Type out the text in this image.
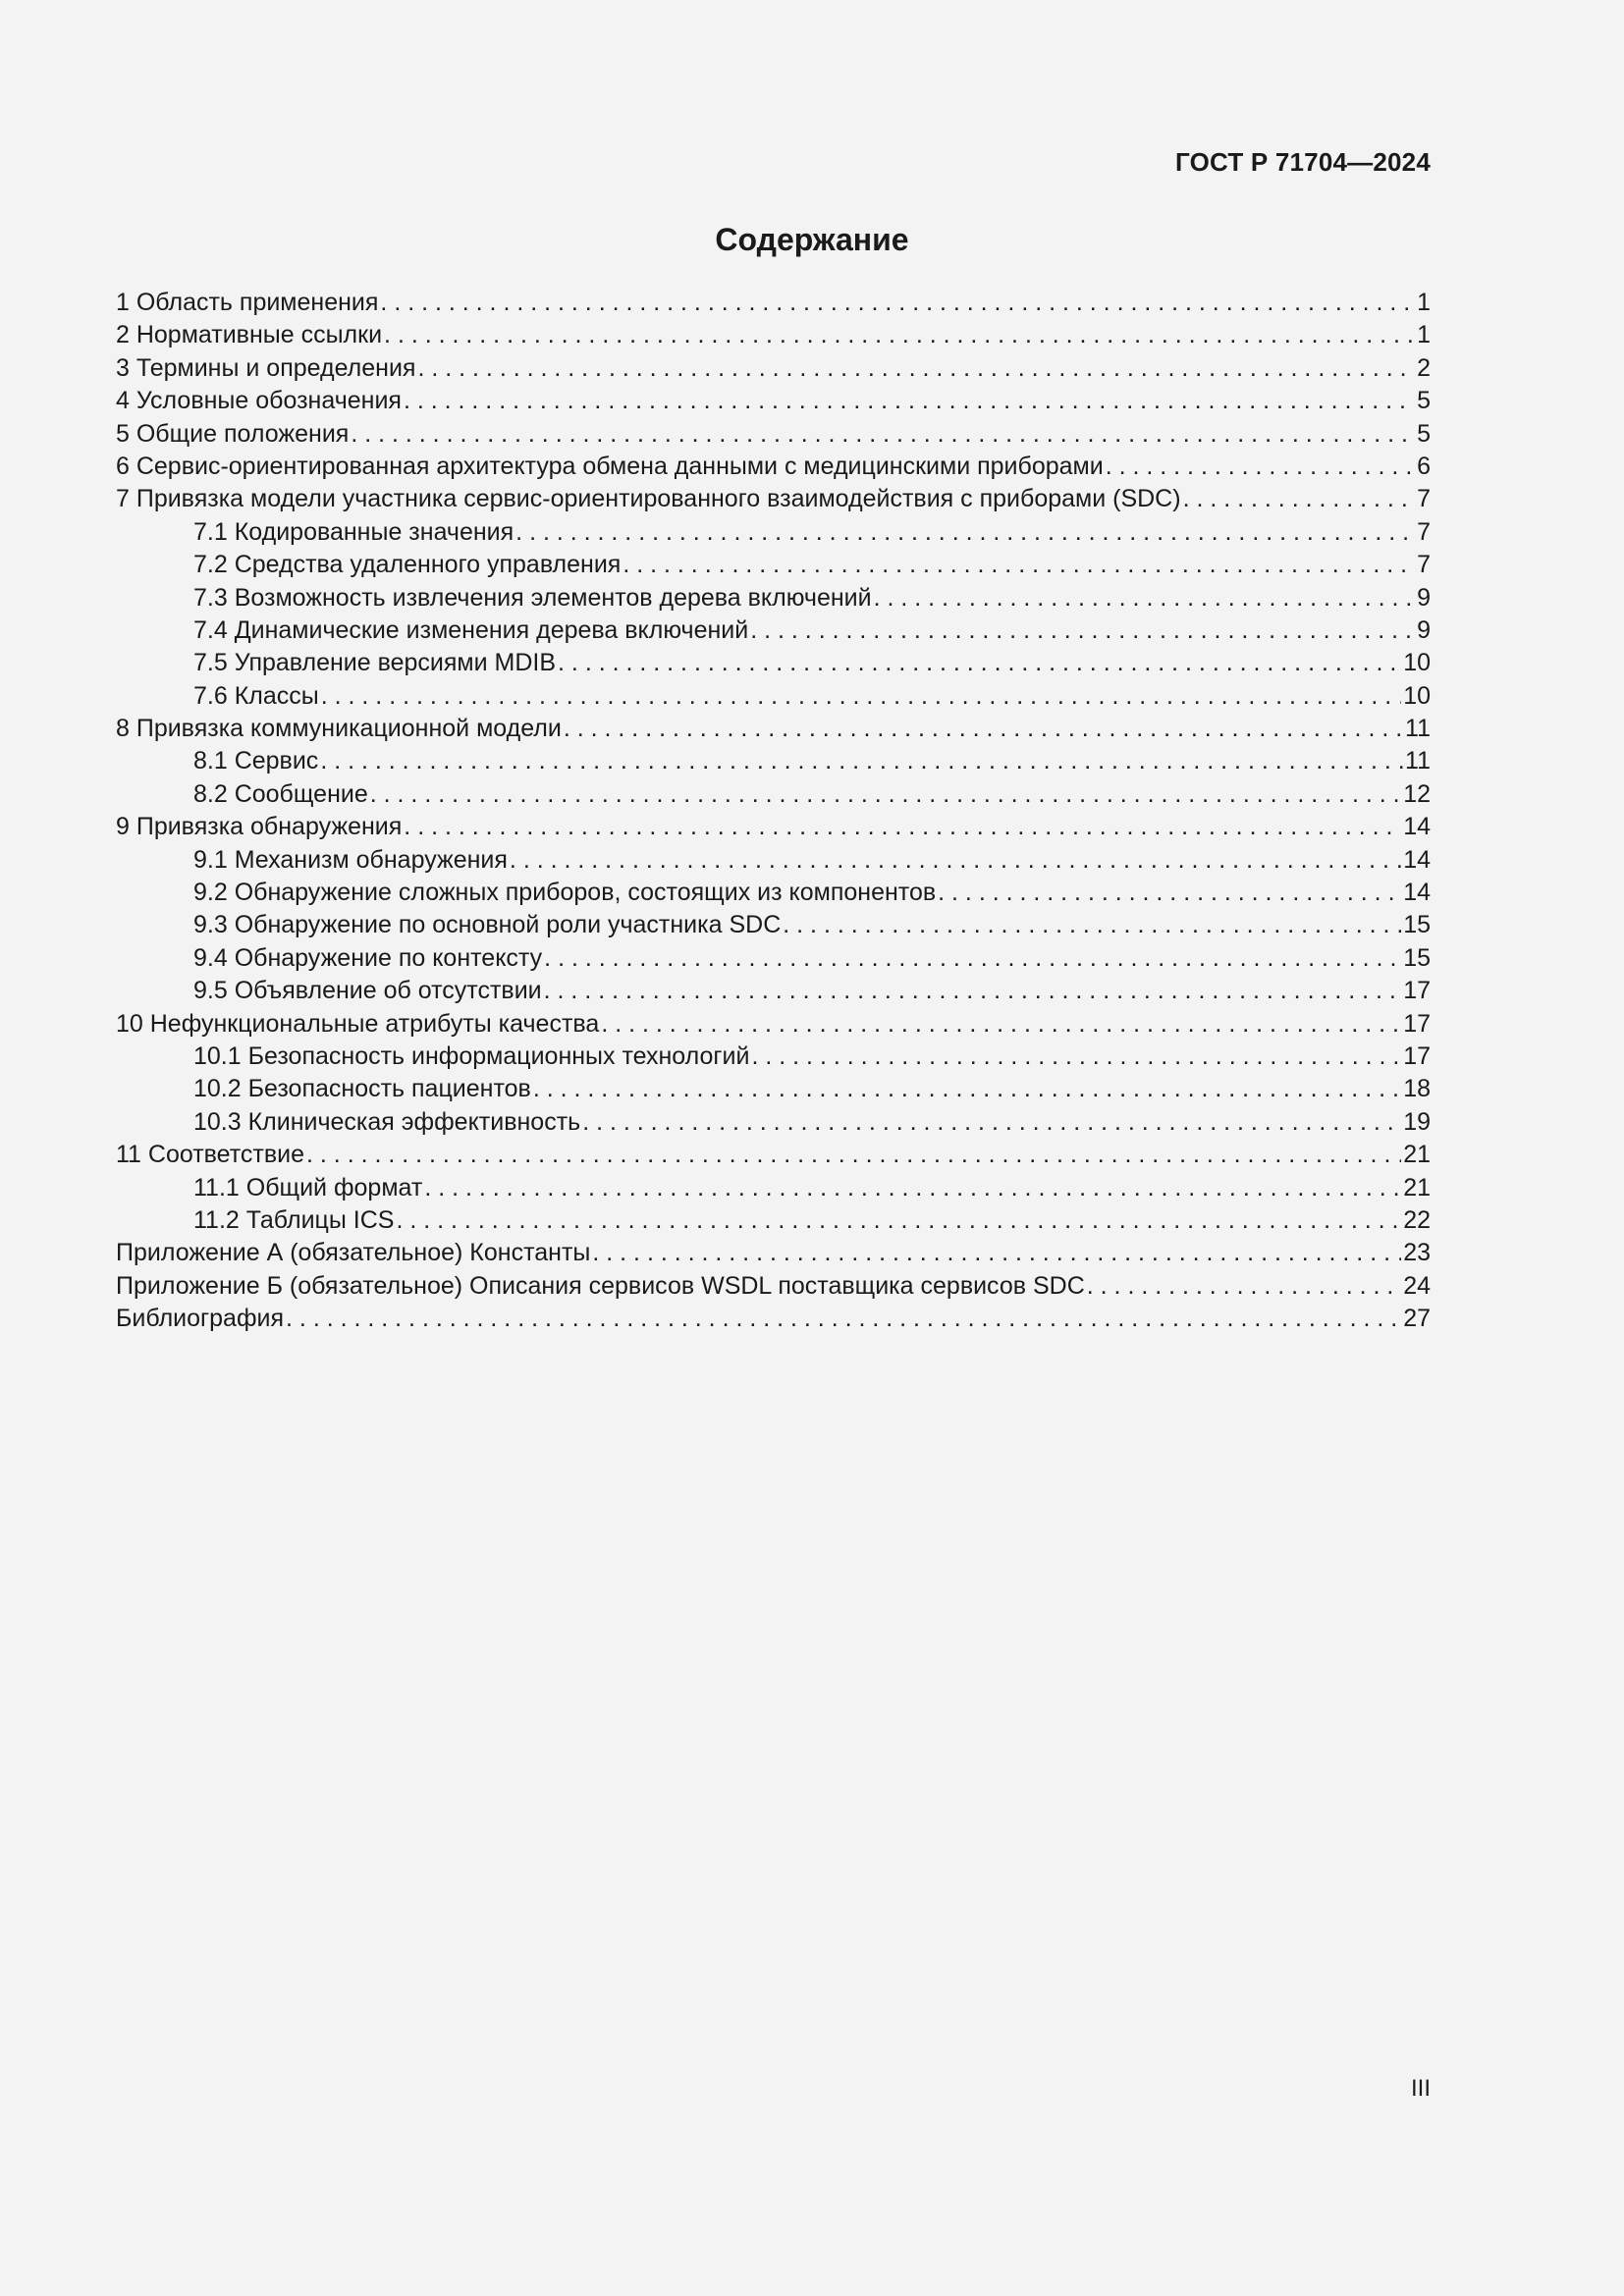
ГОСТ Р 71704—2024
Содержание
1 Область применения . . .	1
2 Нормативные ссылки . . .	1
3 Термины и определения . . .	2
4 Условные обозначения . . .	5
5 Общие положения . . .	5
6 Сервис-ориентированная архитектура обмена данными с медицинскими приборами . . .	6
7 Привязка модели участника сервис-ориентированного взаимодействия с приборами (SDC) . . .	7
7.1 Кодированные значения . . .	7
7.2 Средства удаленного управления . . .	7
7.3 Возможность извлечения элементов дерева включений . . .	9
7.4 Динамические изменения дерева включений . . .	9
7.5 Управление версиями MDIB . . .	10
7.6 Классы . . .	10
8 Привязка коммуникационной модели . . .	11
8.1 Сервис . . .	11
8.2 Сообщение . . .	12
9 Привязка обнаружения . . .	14
9.1 Механизм обнаружения . . .	14
9.2 Обнаружение сложных приборов, состоящих из компонентов . . .	14
9.3 Обнаружение по основной роли участника SDC . . .	15
9.4 Обнаружение по контексту . . .	15
9.5 Объявление об отсутствии . . .	17
10 Нефункциональные атрибуты качества . . .	17
10.1 Безопасность информационных технологий . . .	17
10.2 Безопасность пациентов . . .	18
10.3 Клиническая эффективность . . .	19
11 Соответствие . . .	21
11.1 Общий формат . . .	21
11.2 Таблицы ICS . . .	22
Приложение А (обязательное) Константы . . .	23
Приложение Б (обязательное) Описания сервисов WSDL поставщика сервисов SDC . . .	24
Библиография . . .	27
III
